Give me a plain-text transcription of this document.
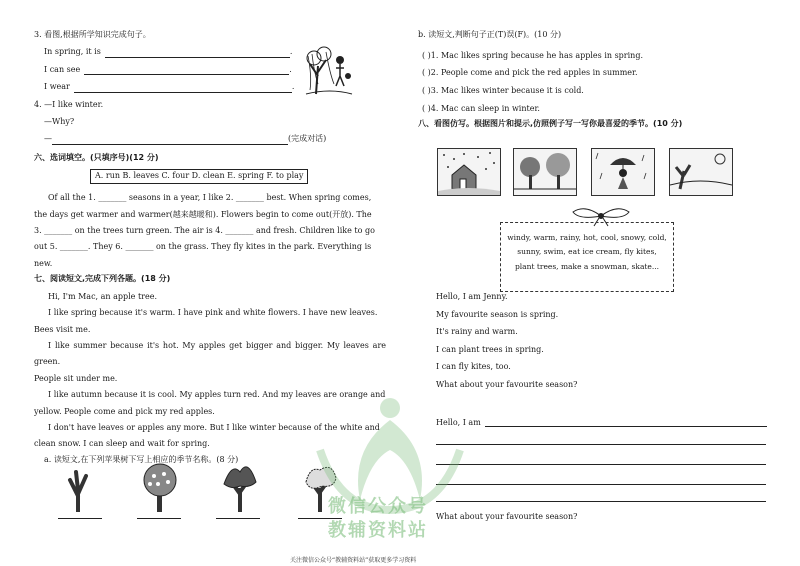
3. 看图,根据所学知识完成句子。
In spring, it is	.
I can see	.
I wear	.
4. —I like winter.
—Why?
—	(完成对话)
六、选词填空。(只填序号)(12 分)
A. run B. leaves C. four D. clean E. spring F. to play
Of all the 1. _______ seasons in a year, I like 2. _______ best. When spring comes,
the days get warmer and warmer(越来越暖和). Flowers begin to come out(开放). The
3. _______ on the trees turn green. The air is 4. _______ and fresh. Children like to go
out 5. _______. They 6. _______ on the grass. They fly kites in the park. Everything is
new.
七、阅读短文,完成下列各题。(18 分)
Hi, I'm Mac, an apple tree.
I like spring because it's warm. I have pink and white flowers. I have new leaves.
Bees visit me.
I like summer because it's hot. My apples get bigger and bigger. My leaves are green.
People sit under me.
I like autumn because it is cool. My apples turn red. And my leaves are orange and
yellow. People come and pick my red apples.
I don't have leaves or apples any more. But I like winter because of the white and
clean snow. I can sleep and wait for spring.
a. 读短文,在下列苹果树下写上相应的季节名称。(8 分)
b. 读短文,判断句子正(T)误(F)。(10 分)
( )1. Mac likes spring because he has apples in spring.
( )2. People come and pick the red apples in summer.
( )3. Mac likes winter because it is cold.
( )4. Mac can sleep in winter.
八、看图仿写。根据图片和提示,仿照例子写一写你最喜爱的季节。(10 分)
windy, warm, rainy, hot, cool, snowy, cold,
sunny, swim, eat ice cream, fly kites,
plant trees, make a snowman, skate...
Hello, I am Jenny.
My favourite season is spring.
It's rainy and warm.
I can plant trees in spring.
I can fly kites, too.
What about your favourite season?
Hello, I am
What about your favourite season?
微信公众号
教辅资料站
关注微信公众号“教辅资料站”获取更多学习资料
